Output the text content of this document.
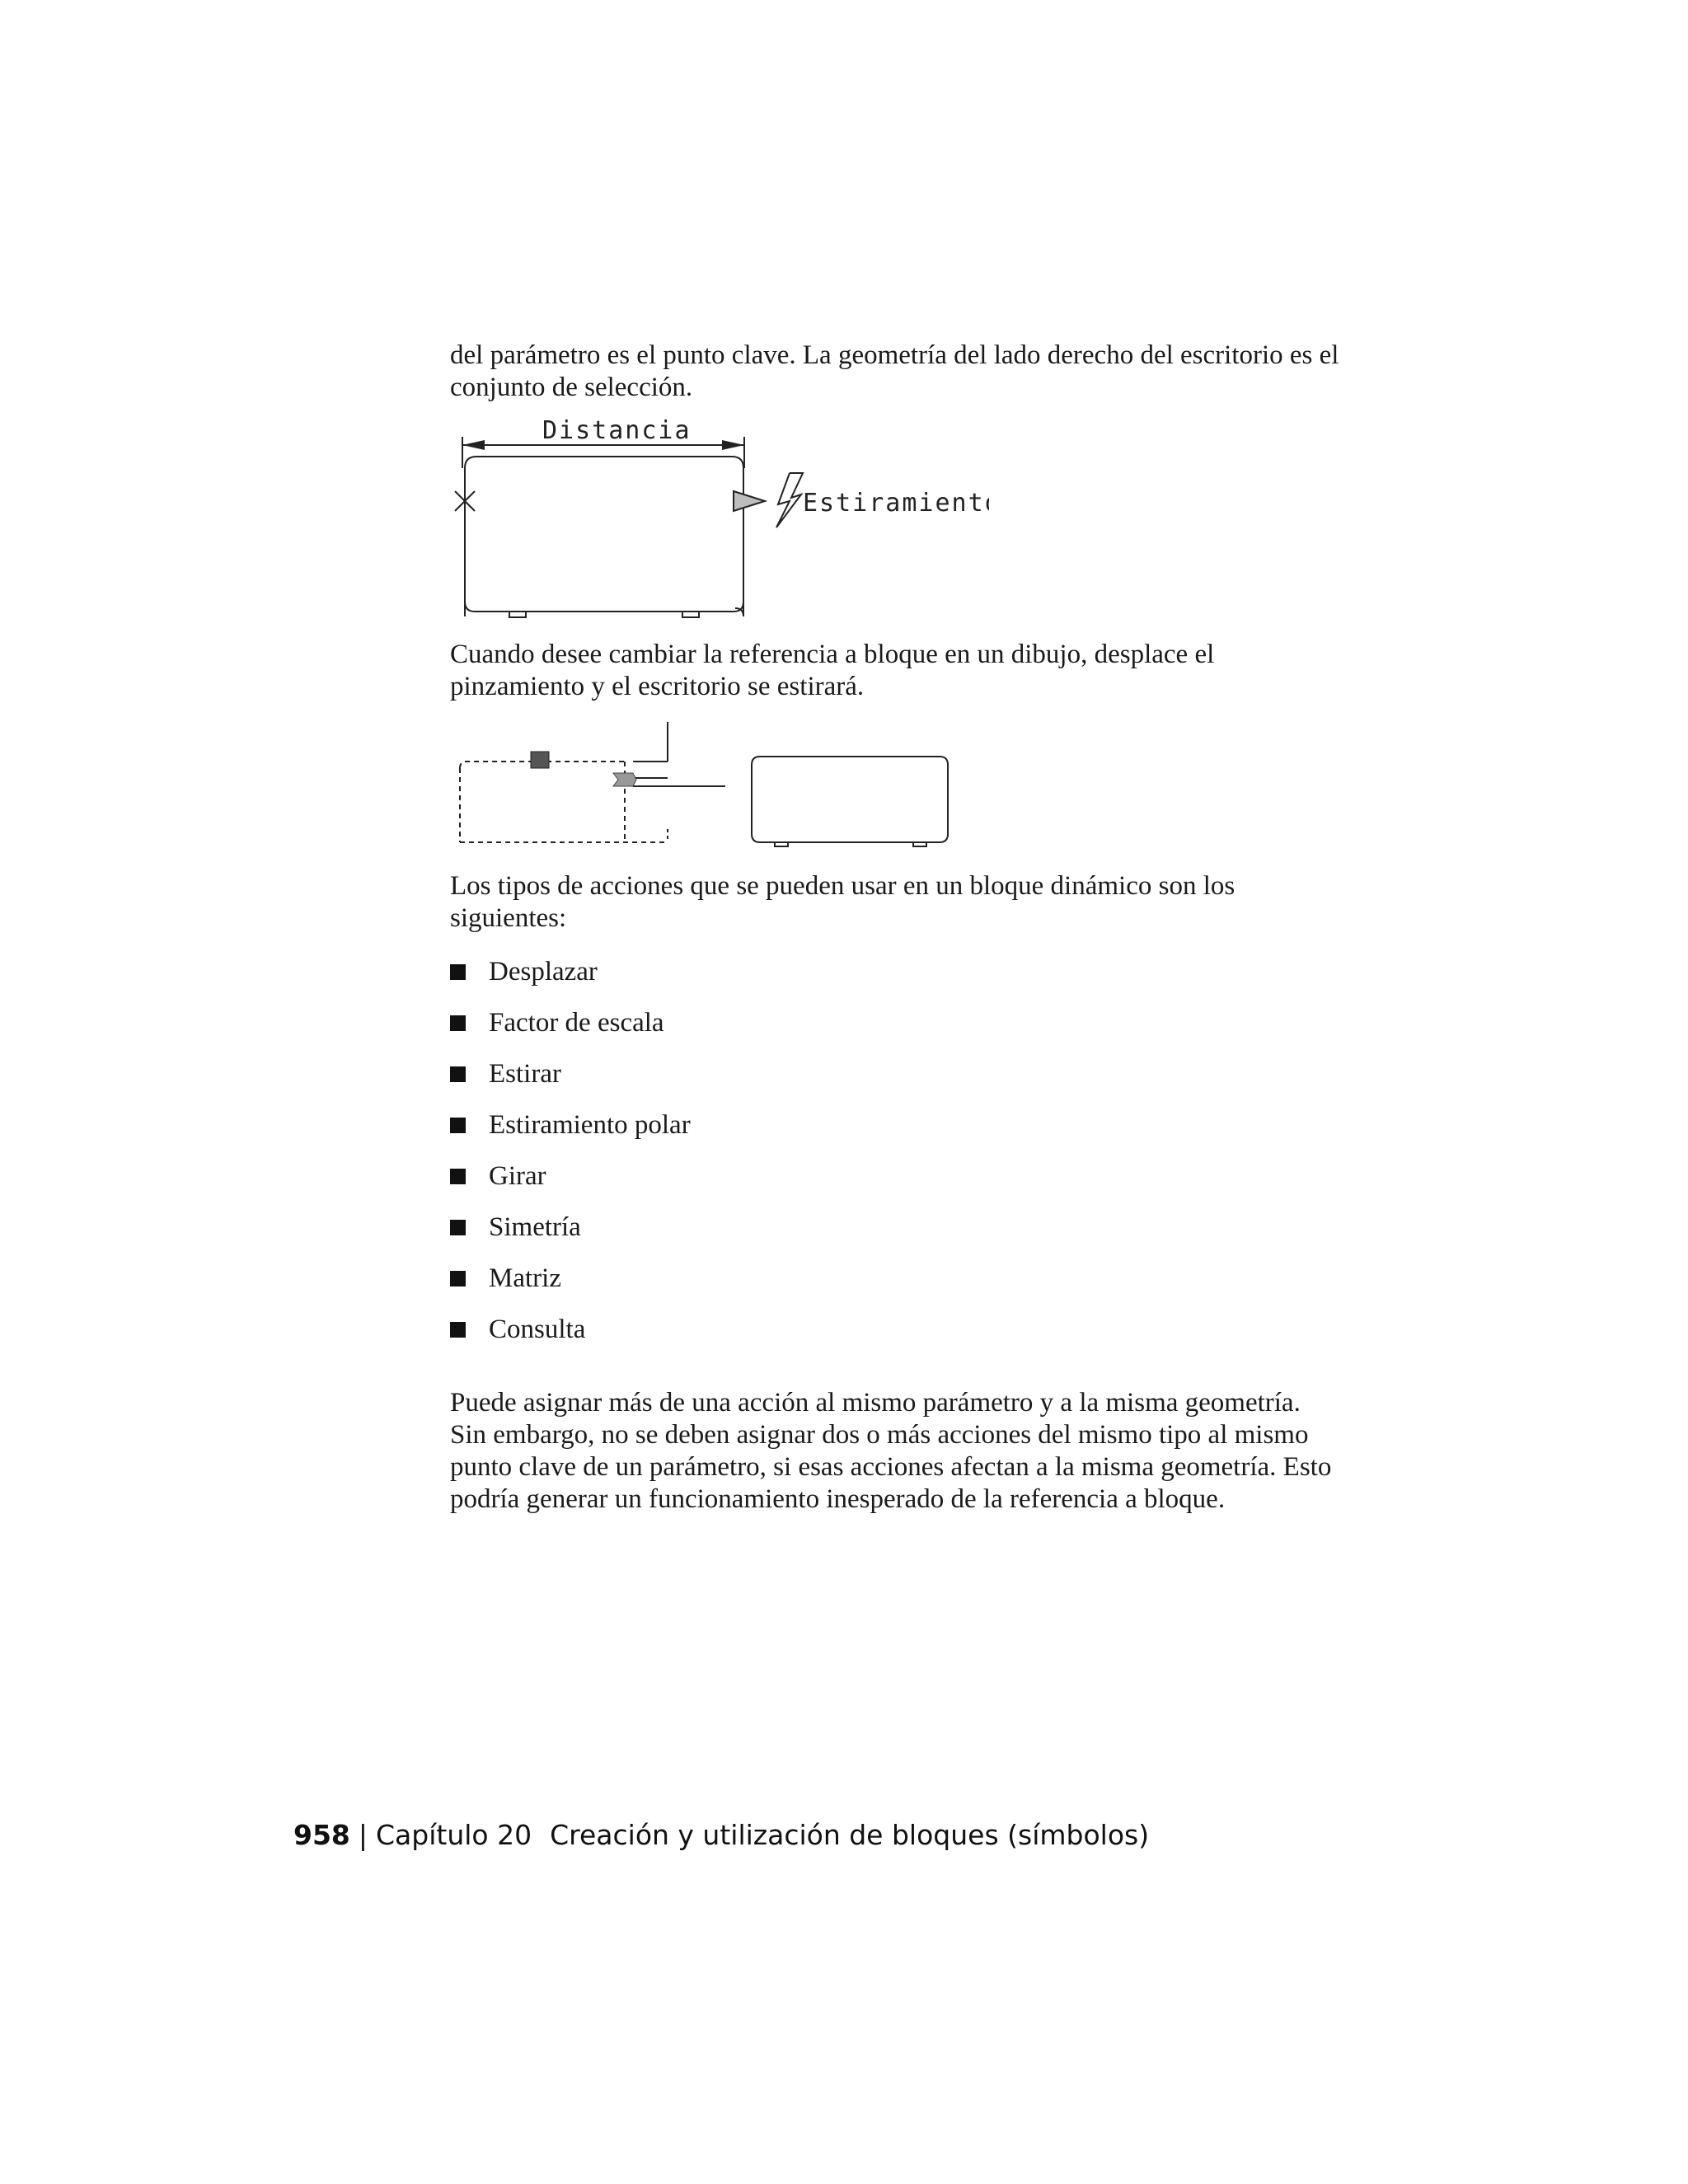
del parámetro es el punto clave. La geometría del lado derecho del escritorio es el conjunto de selección.

Distancia
Estiramiento

Cuando desee cambiar la referencia a bloque en un dibujo, desplace el pinzamiento y el escritorio se estirará.

Los tipos de acciones que se pueden usar en un bloque dinámico son los siguientes:

Desplazar
Factor de escala
Estirar
Estiramiento polar
Girar
Simetría
Matriz
Consulta

Puede asignar más de una acción al mismo parámetro y a la misma geometría. Sin embargo, no se deben asignar dos o más acciones del mismo tipo al mismo punto clave de un parámetro, si esas acciones afectan a la misma geometría. Esto podría generar un funcionamiento inesperado de la referencia a bloque.

958 | Capítulo 20 Creación y utilización de bloques (símbolos)
